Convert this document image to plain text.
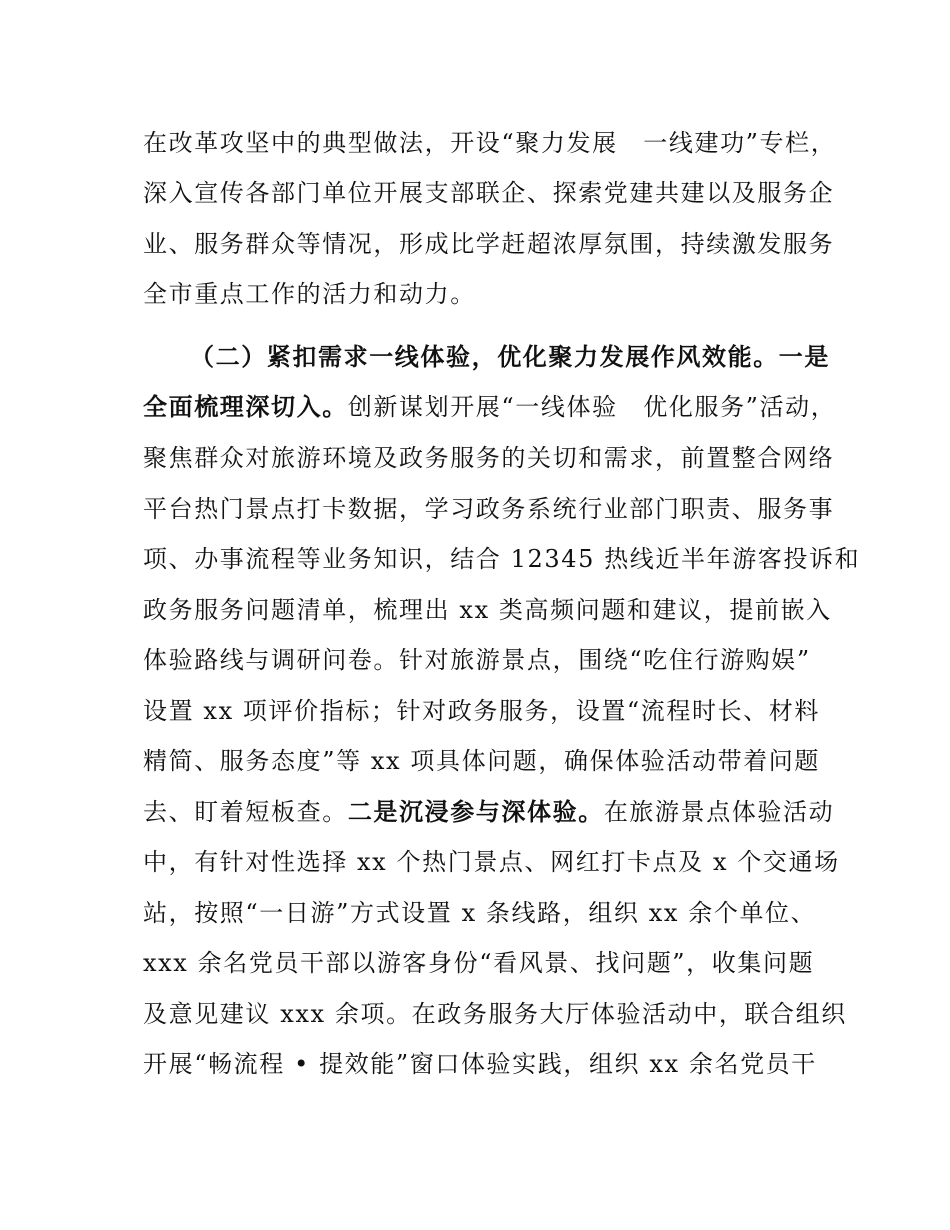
在改革攻坚中的典型做法，开设“聚力发展　一线建功”专栏，
深入宣传各部门单位开展支部联企、探索党建共建以及服务企
业、服务群众等情况，形成比学赶超浓厚氛围，持续激发服务
全市重点工作的活力和动力。
（二）紧扣需求一线体验，优化聚力发展作风效能。一是
全面梳理深切入。创新谋划开展“一线体验　优化服务”活动，
聚焦群众对旅游环境及政务服务的关切和需求，前置整合网络
平台热门景点打卡数据，学习政务系统行业部门职责、服务事
项、办事流程等业务知识，结合 12345 热线近半年游客投诉和
政务服务问题清单，梳理出 xx 类高频问题和建议，提前嵌入
体验路线与调研问卷。针对旅游景点，围绕“吃住行游购娱”
设置 xx 项评价指标；针对政务服务，设置“流程时长、材料
精简、服务态度”等 xx 项具体问题，确保体验活动带着问题
去、盯着短板查。二是沉浸参与深体验。在旅游景点体验活动
中，有针对性选择 xx 个热门景点、网红打卡点及 x 个交通场
站，按照“一日游”方式设置 x 条线路，组织 xx 余个单位、
xxx 余名党员干部以游客身份“看风景、找问题”，收集问题
及意见建议 xxx 余项。在政务服务大厅体验活动中，联合组织
开展“畅流程 • 提效能”窗口体验实践，组织 xx 余名党员干
